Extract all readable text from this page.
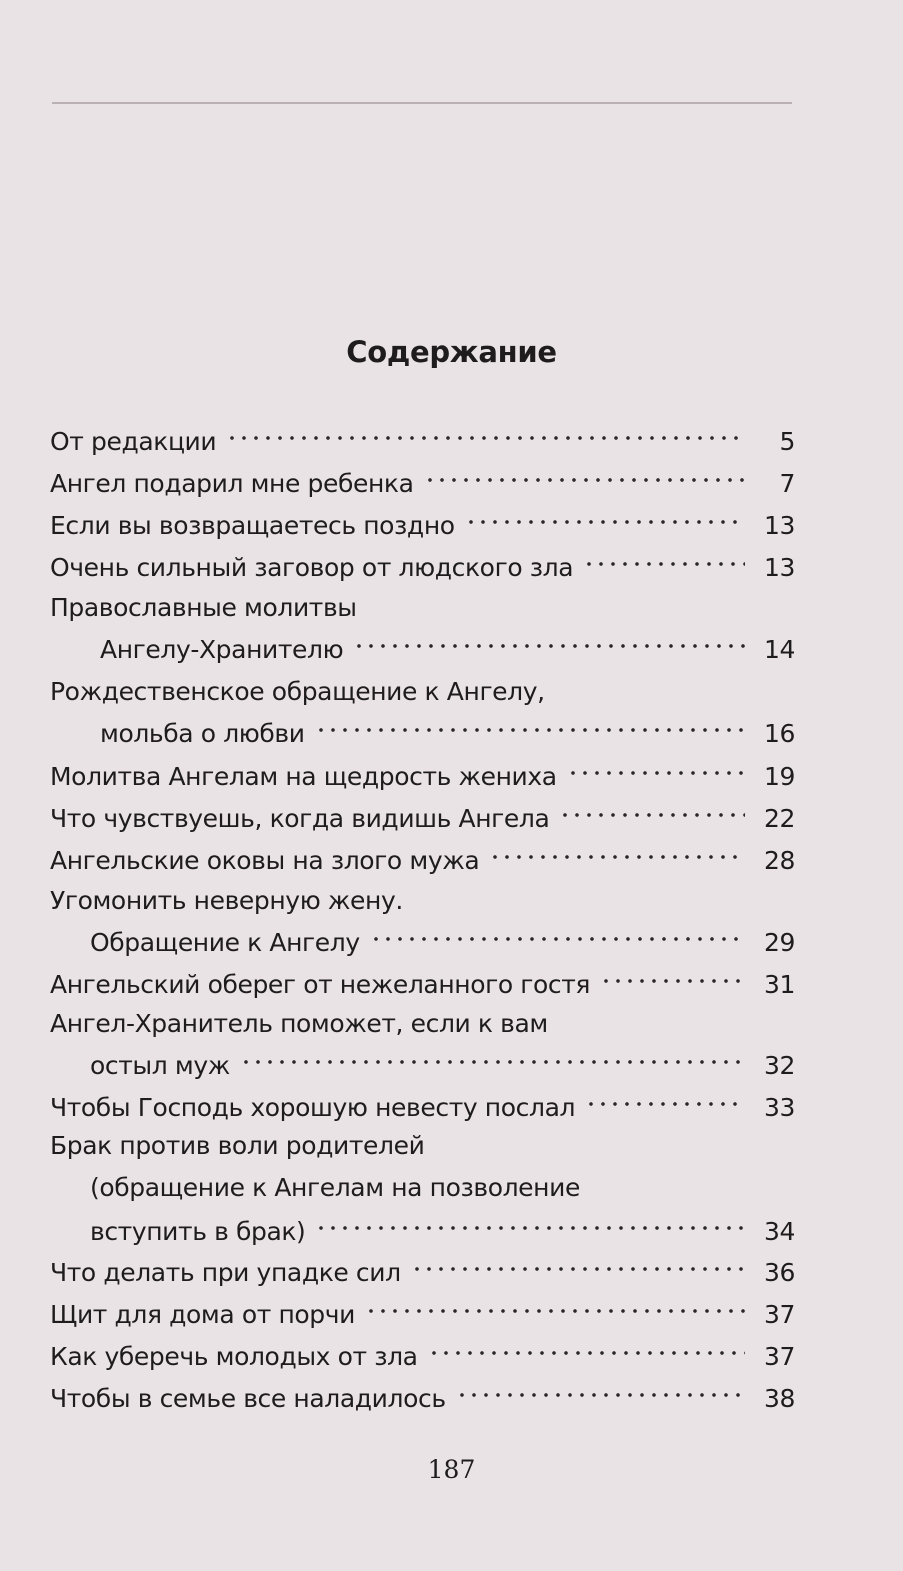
Содержание
От редакции	5
Ангел подарил мне ребенка	7
Если вы возвращаетесь поздно	13
Очень сильный заговор от людского зла	13
Православные молитвы
Ангелу-Хранителю	14
Рождественское обращение к Ангелу,
мольба о любви	16
Молитва Ангелам на щедрость жениха	19
Что чувствуешь, когда видишь Ангела	22
Ангельские оковы на злого мужа	28
Угомонить неверную жену.
Обращение к Ангелу	29
Ангельский оберег от нежеланного гостя	31
Ангел-Хранитель поможет, если к вам
остыл муж	32
Чтобы Господь хорошую невесту послал	33
Брак против воли родителей
(обращение к Ангелам на позволение
вступить в брак)	34
Что делать при упадке сил	36
Щит для дома от порчи	37
Как уберечь молодых от зла	37
Чтобы в семье все наладилось	38
187
